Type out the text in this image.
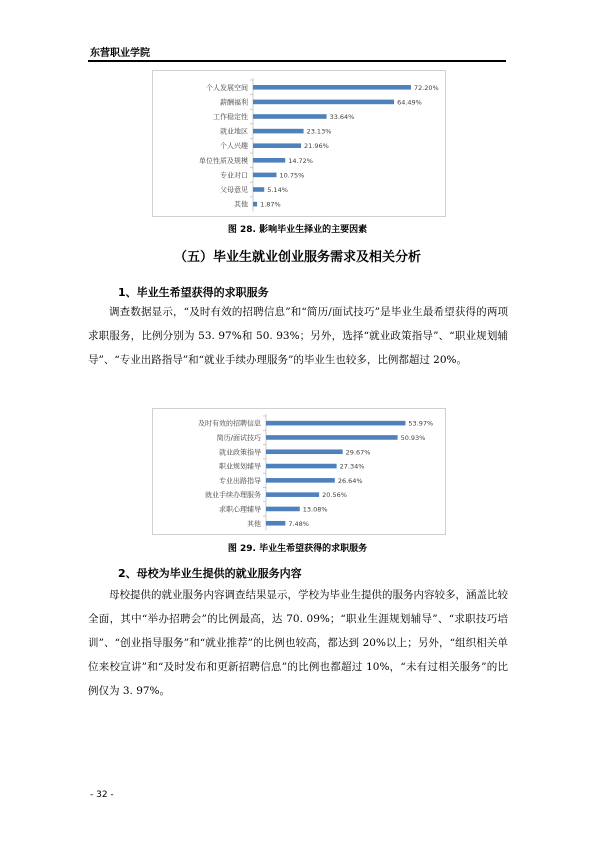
东营职业学院
个人发展空间	72.20%
薪酬福利	64.49%
工作稳定性	33.64%
就业地区	23.13%
个人兴趣	21.96%
单位性质及规模	14.72%
专业对口	10.75%
父母意见	5.14%
其他 1.87%
图 28. 影响毕业生择业的主要因素
（五）毕业生就业创业服务需求及相关分析
1、毕业生希望获得的求职服务

调查数据显示，“及时有效的招聘信息”和“简历/面试技巧”是毕业生最希望获得的两项求职服务，比例分别为 53. 97%和 50. 93%；另外，选择“就业政策指导”、“职业规划辅导”、“专业出路指导”和“就业手续办理服务”的毕业生也较多，比例都超过 20%。

及时有效的招聘信息	53.97%
简历/面试技巧	50.93%
就业政策指导	29.67%
职业规划辅导	27.34%
专业出路指导	26.64%
就业手续办理服务	20.56%
求职心理辅导	13.08%
其他	7.48%
图 29. 毕业生希望获得的求职服务
2、母校为毕业生提供的就业服务内容

母校提供的就业服务内容调查结果显示，学校为毕业生提供的服务内容较多，涵盖比较全面，其中“举办招聘会”的比例最高，达 70. 09%；“职业生涯规划辅导”、“求职技巧培训”、“创业指导服务”和“就业推荐”的比例也较高，都达到 20%以上；另外，“组织相关单位来校宣讲”和“及时发布和更新招聘信息”的比例也都超过 10%，“未有过相关服务”的比例仅为 3. 97%。

- 32 -
